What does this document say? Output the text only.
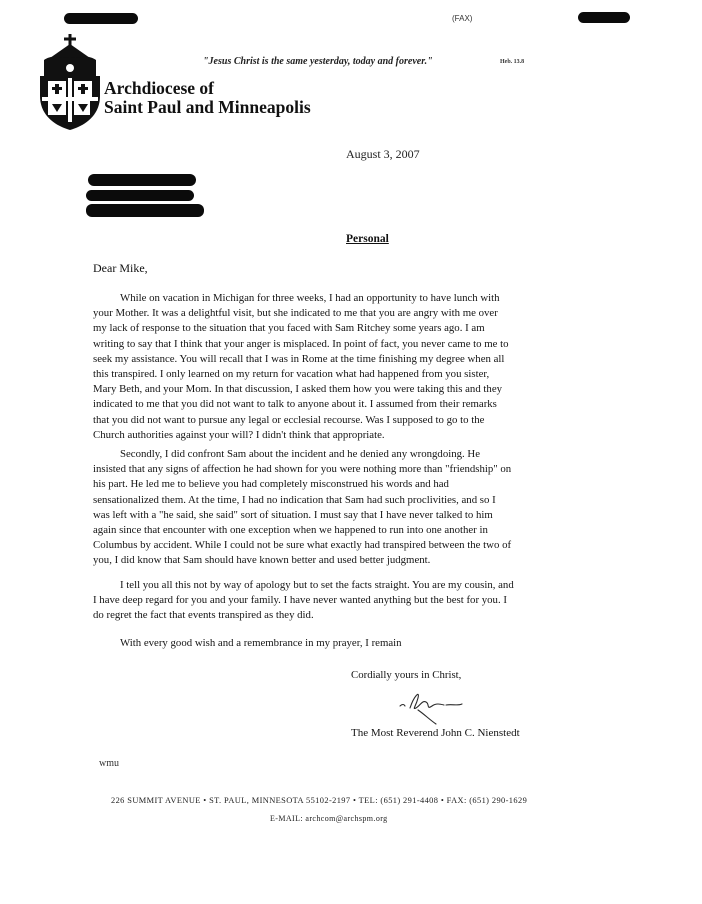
(FAX)
"Jesus Christ is the same yesterday, today and forever."	Heb. 13.8
Archdiocese of
Saint Paul and Minneapolis
August 3, 2007
Personal
Dear Mike,
While on vacation in Michigan for three weeks, I had an opportunity to have lunch with
your Mother. It was a delightful visit, but she indicated to me that you are angry with me over
my lack of response to the situation that you faced with Sam Ritchey some years ago. I am
writing to say that I think that your anger is misplaced. In point of fact, you never came to me to
seek my assistance. You will recall that I was in Rome at the time finishing my degree when all
this transpired. I only learned on my return for vacation what had happened from you sister,
Mary Beth, and your Mom. In that discussion, I asked them how you were taking this and they
indicated to me that you did not want to talk to anyone about it. I assumed from their remarks
that you did not want to pursue any legal or ecclesial recourse. Was I supposed to go to the
Church authorities against your will? I didn't think that appropriate.
Secondly, I did confront Sam about the incident and he denied any wrongdoing. He
insisted that any signs of affection he had shown for you were nothing more than "friendship" on
his part. He led me to believe you had completely misconstrued his words and had
sensationalized them. At the time, I had no indication that Sam had such proclivities, and so I
was left with a "he said, she said" sort of situation. I must say that I have never talked to him
again since that encounter with one exception when we happened to run into one another in
Columbus by accident. While I could not be sure what exactly had transpired between the two of
you, I did know that Sam should have known better and used better judgment.
I tell you all this not by way of apology but to set the facts straight. You are my cousin, and
I have deep regard for you and your family. I have never wanted anything but the best for you. I
do regret the fact that events transpired as they did.
With every good wish and a remembrance in my prayer, I remain
Cordially yours in Christ,
The Most Reverend John C. Nienstedt
wmu
226 SUMMIT AVENUE • ST. PAUL, MINNESOTA 55102-2197 • TEL: (651) 291-4408 • FAX: (651) 290-1629
E-MAIL: archcom@archspm.org
